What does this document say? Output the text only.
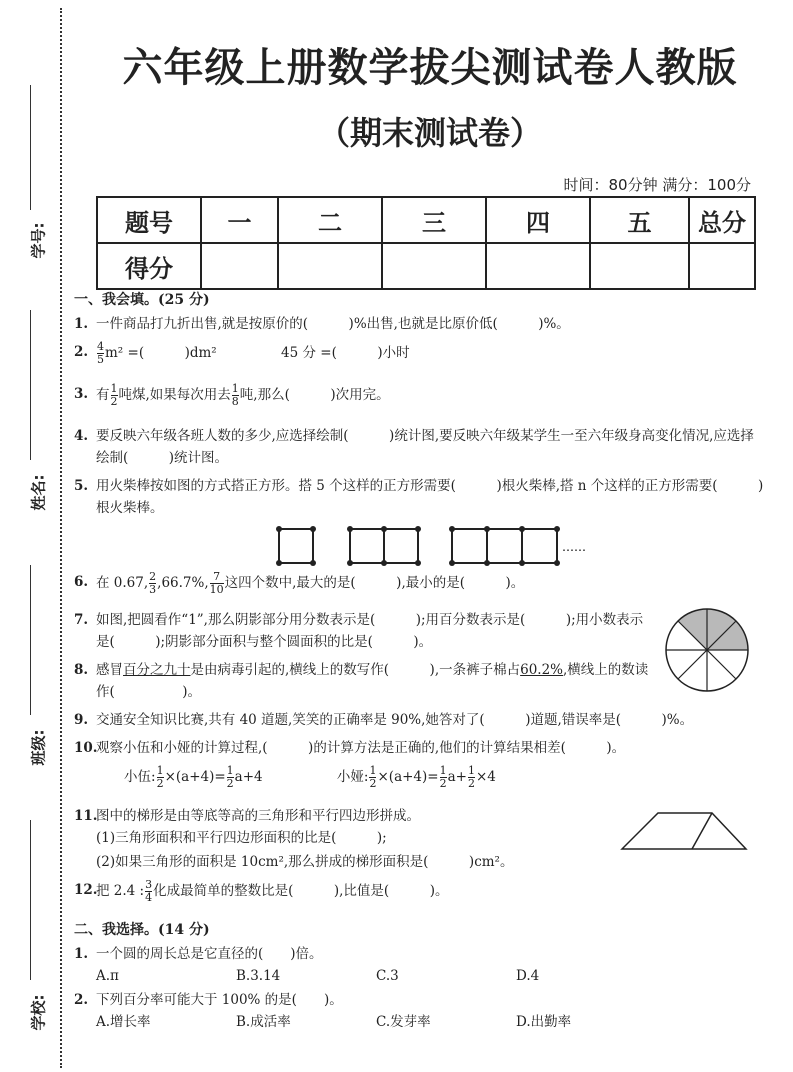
学号:
姓名:
班级:
学校:
六年级上册数学拔尖测试卷人教版
（期末测试卷）
时间：80分钟 满分：100分
题号	一	二	三	四	五	总分
得分						
一、我会填。(25 分)
1. 一件商品打九折出售,就是按原价的(　　　)%出售,也就是比原价低(　　　)%。
2. $\frac{4}{5} m^2$ =(　　　)dm²	45 分 =(　　　)小时
3. 有 $\frac{1}{2}$ 吨煤,如果每次用去 $\frac{1}{8}$ 吨,那么(　　　)次用完。
4. 要反映六年级各班人数的多少,应选择绘制(　　　)统计图,要反映六年级某学生一至六年级身高变化情况,应选择绘制(　　　)统计图。
5. 用火柴棒按如图的方式搭正方形。搭 5 个这样的正方形需要(　　　)根火柴棒,搭 n 个这样的正方形需要(　　　)根火柴棒。
……
6. 在 0.67, $\frac{2}{3} ,66.7\%$, $\frac{7}{10}$ 这四个数中,最大的是(　　　),最小的是(　　　)。
7. 如图,把圆看作“1”,那么阴影部分用分数表示是(　　　);用百分数表示是(　　　);用小数表示是(　　　);阴影部分面积与整个圆面积的比是(　　　)。
8. 感冒百分之九十是由病毒引起的,横线上的数写作(　　　),一条裤子棉占60.2%,横线上的数读作(　　　　　)。
9. 交通安全知识比赛,共有 40 道题,笑笑的正确率是 90%,她答对了(　　　)道题,错误率是(　　　)%。
10.
观察小伍和小娅的计算过程,(　　　)的计算方法是正确的,他们的计算结果相差(　　　)。
小伍: $\frac{1}{2} \times(a+4)= \frac{1}{2} a+4$	小娅: $\frac{1}{2} \times(a+4)= \frac{1}{2} a+ \frac{1}{2} \times 4$
11.
图中的梯形是由等底等高的三角形和平行四边形拼成。
(1)三角形面积和平行四边形面积的比是(　　　);
(2)如果三角形的面积是 10cm²,那么拼成的梯形面积是(　　　)cm²。
12.
把 2.4 : $\frac{3}{4}$ 化成最简单的整数比是(　　　),比值是(　　　)。
二、我选择。(14 分)
1. 一个圆的周长总是它直径的(　　)倍。
A.π	B.3.14	C.3	D.4
2. 下列百分率可能大于 100% 的是(　　)。
A.增长率	B.成活率	C.发芽率	D.出勤率
